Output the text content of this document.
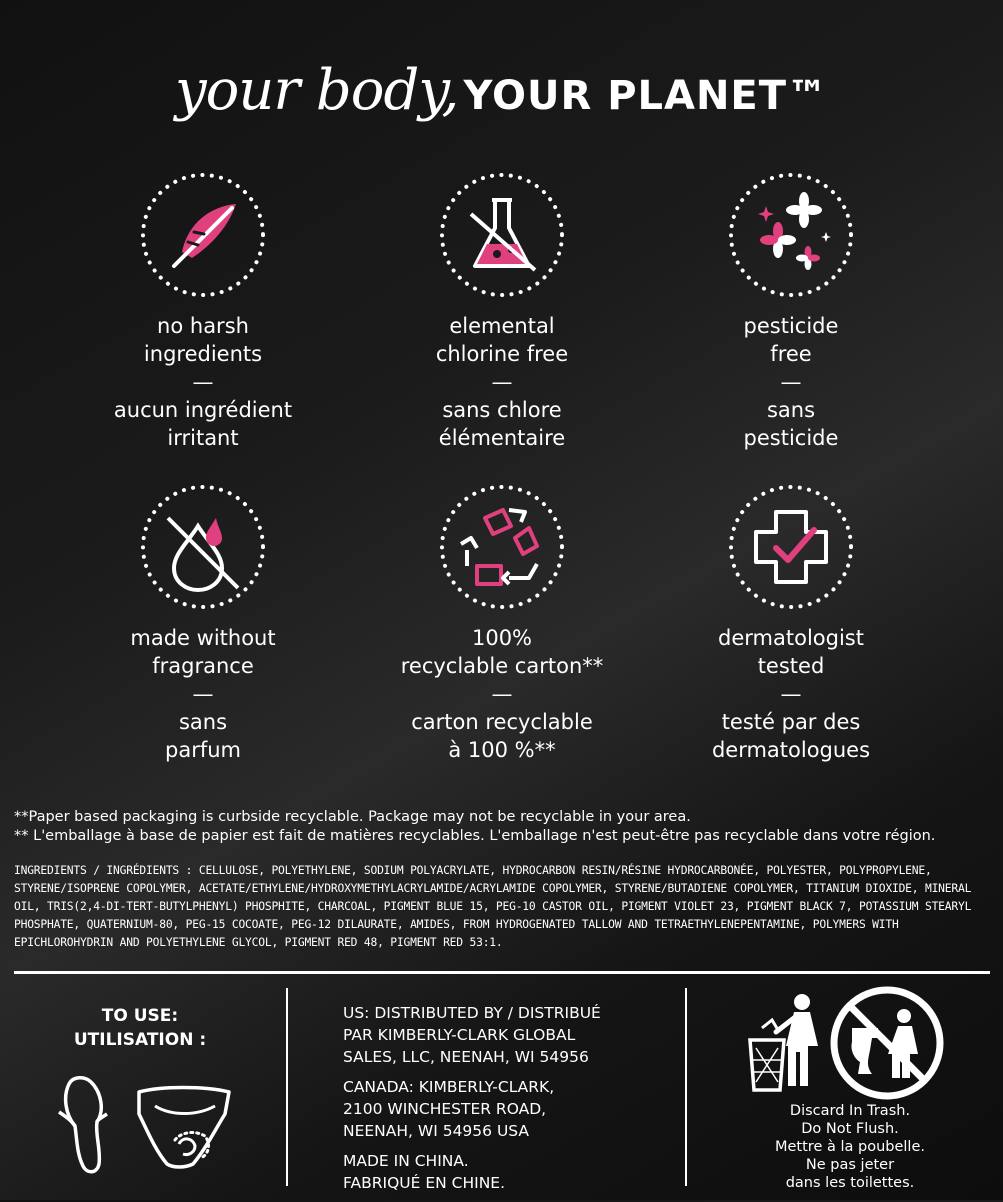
your body, YOUR PLANET™
no harsh
ingredients
—
aucun ingrédient
irritant
elemental
chlorine free
—
sans chlore
élémentaire
pesticide
free
—
sans
pesticide
made without
fragrance
—
sans
parfum
100%
recyclable carton**
—
carton recyclable
à 100 %**
dermatologist
tested
—
testé par des
dermatologues
**Paper based packaging is curbside recyclable. Package may not be recyclable in your area.
** L'emballage à base de papier est fait de matières recyclables. L'emballage n'est peut-être pas recyclable dans votre région.
INGREDIENTS / INGRÉDIENTS : CELLULOSE, POLYETHYLENE, SODIUM POLYACRYLATE, HYDROCARBON RESIN/RÉSINE HYDROCARBONÉE, POLYESTER, POLYPROPYLENE, STYRENE/ISOPRENE COPOLYMER, ACETATE/ETHYLENE/HYDROXYMETHYLACRYLAMIDE/ACRYLAMIDE COPOLYMER, STYRENE/BUTADIENE COPOLYMER, TITANIUM DIOXIDE, MINERAL OIL, TRIS(2,4-DI-TERT-BUTYLPHENYL) PHOSPHITE, CHARCOAL, PIGMENT BLUE 15, PEG-10 CASTOR OIL, PIGMENT VIOLET 23, PIGMENT BLACK 7, POTASSIUM STEARYL PHOSPHATE, QUATERNIUM-80, PEG-15 COCOATE, PEG-12 DILAURATE, AMIDES, FROM HYDROGENATED TALLOW AND TETRAETHYLENEPENTAMINE, POLYMERS WITH EPICHLOROHYDRIN AND POLYETHYLENE GLYCOL, PIGMENT RED 48, PIGMENT RED 53:1.
TO USE:
UTILISATION :

US: DISTRIBUTED BY / DISTRIBUÉ
PAR KIMBERLY-CLARK GLOBAL
SALES, LLC, NEENAH, WI 54956

CANADA: KIMBERLY-CLARK,
2100 WINCHESTER ROAD,
NEENAH, WI 54956 USA

MADE IN CHINA.
FABRIQUÉ EN CHINE.

Discard In Trash.
Do Not Flush.
Mettre à la poubelle.
Ne pas jeter
dans les toilettes.
